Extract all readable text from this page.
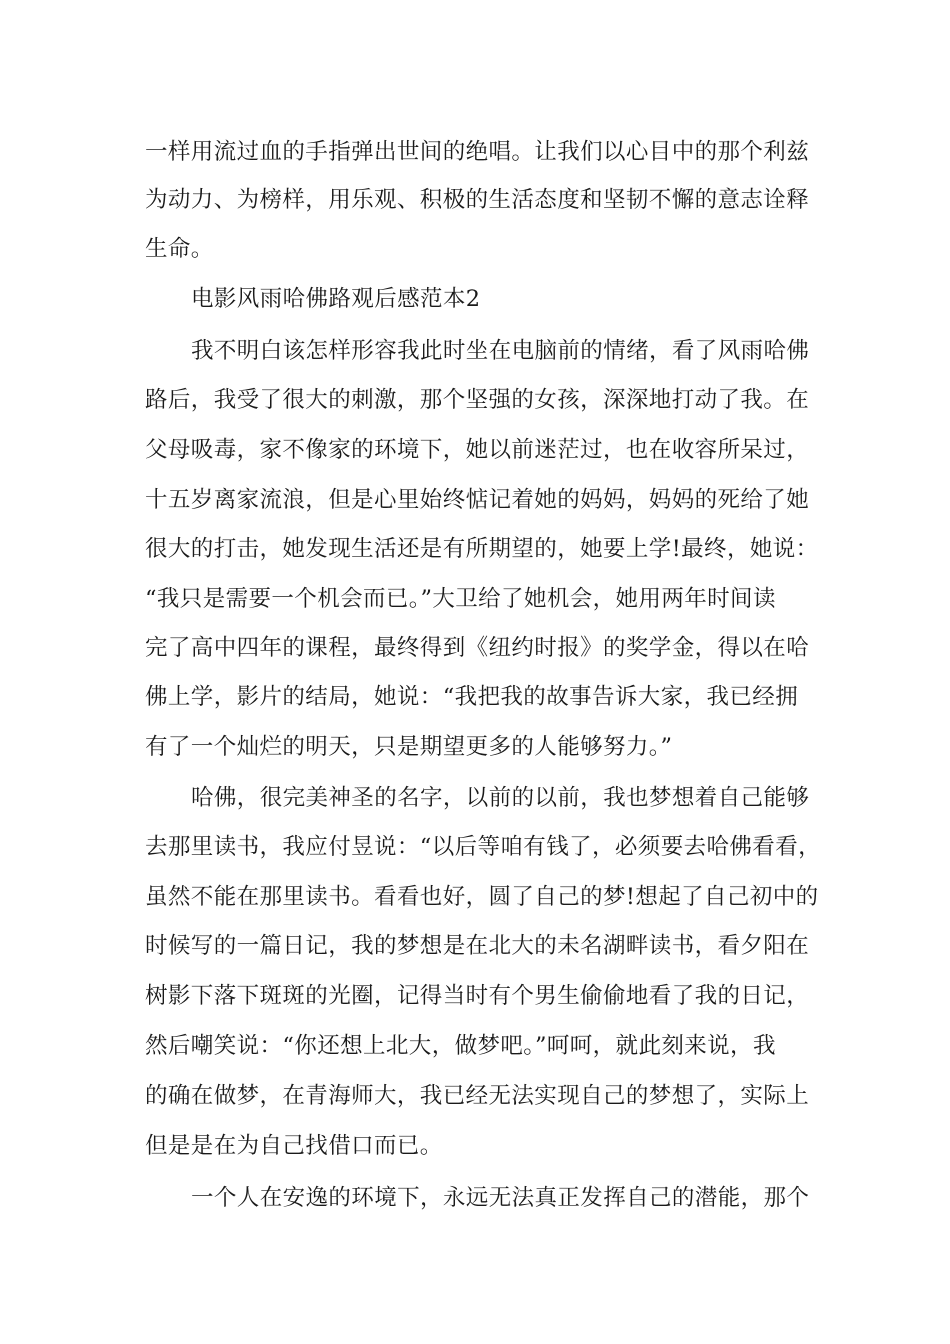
一样用流过血的手指弹出世间的绝唱。让我们以心目中的那个利兹
为动力、为榜样，用乐观、积极的生活态度和坚韧不懈的意志诠释
生命。
电影风雨哈佛路观后感范本2
我不明白该怎样形容我此时坐在电脑前的情绪，看了风雨哈佛
路后，我受了很大的刺激，那个坚强的女孩，深深地打动了我。在
父母吸毒，家不像家的环境下，她以前迷茫过，也在收容所呆过，
十五岁离家流浪，但是心里始终惦记着她的妈妈，妈妈的死给了她
很大的打击，她发现生活还是有所期望的，她要上学!最终，她说：
“我只是需要一个机会而已。”大卫给了她机会，她用两年时间读
完了高中四年的课程，最终得到《纽约时报》的奖学金，得以在哈
佛上学，影片的结局，她说：“我把我的故事告诉大家，我已经拥
有了一个灿烂的明天，只是期望更多的人能够努力。”
哈佛，很完美神圣的名字，以前的以前，我也梦想着自己能够
去那里读书，我应付昱说：“以后等咱有钱了，必须要去哈佛看看，
虽然不能在那里读书。看看也好，圆了自己的梦!想起了自己初中的
时候写的一篇日记，我的梦想是在北大的未名湖畔读书，看夕阳在
树影下落下斑斑的光圈，记得当时有个男生偷偷地看了我的日记，
然后嘲笑说：“你还想上北大，做梦吧。”呵呵，就此刻来说，我
的确在做梦，在青海师大，我已经无法实现自己的梦想了，实际上
但是是在为自己找借口而已。
一个人在安逸的环境下，永远无法真正发挥自己的潜能，那个
